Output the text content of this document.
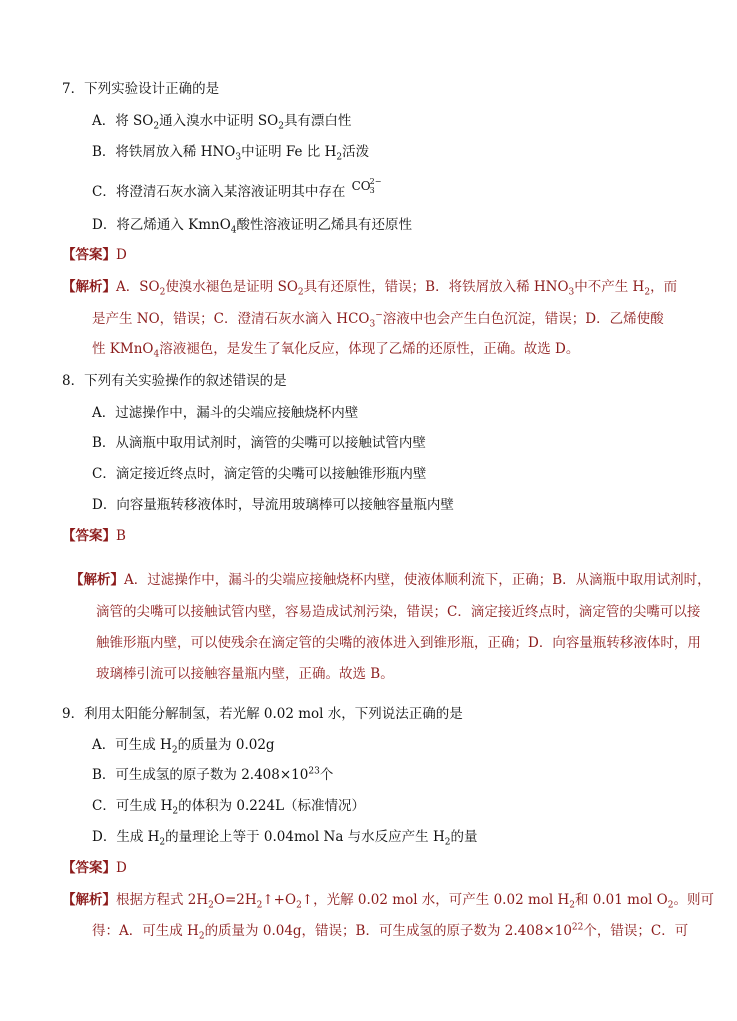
7．下列实验设计正确的是
A．将 $SO_2$通入溴水中证明 $SO_2$具有漂白性
B．将铁屑放入稀 $HNO_3$中证明 Fe 比 $H_2$活泼
C．将澄清石灰水滴入某溶液证明其中存在 CO
2−
3
D．将乙烯通入 KmnO$_4$酸性溶液证明乙烯具有还原性
【答案】D
【解析】A．$SO_2$使溴水褪色是证明 $SO_2$具有还原性，错误；B．将铁屑放入稀 $HNO_3$中不产生 $H_2$，而
是产生 NO，错误；C．澄清石灰水滴入 $HCO_3^-$溶液中也会产生白色沉淀，错误；D．乙烯使酸
性 KMnO$_4$溶液褪色，是发生了氧化反应，体现了乙烯的还原性，正确。故选 D。
8．下列有关实验操作的叙述错误的是
A．过滤操作中，漏斗的尖端应接触烧杯内壁
B．从滴瓶中取用试剂时，滴管的尖嘴可以接触试管内壁
C．滴定接近终点时，滴定管的尖嘴可以接触锥形瓶内壁
D．向容量瓶转移液体时，导流用玻璃棒可以接触容量瓶内壁
【答案】B
【解析】A．过滤操作中，漏斗的尖端应接触烧杯内壁，使液体顺利流下，正确；B．从滴瓶中取用试剂时，
滴管的尖嘴可以接触试管内壁，容易造成试剂污染，错误；C．滴定接近终点时，滴定管的尖嘴可以接
触锥形瓶内壁，可以使残余在滴定管的尖嘴的液体进入到锥形瓶，正确；D．向容量瓶转移液体时，用
玻璃棒引流可以接触容量瓶内壁，正确。故选 B。
9．利用太阳能分解制氢，若光解 0.02 mol 水，下列说法正确的是
A．可生成 $H_2$的质量为 0.02g
B．可生成氢的原子数为 $2.408\times 10^{23}$个
C．可生成 $H_2$的体积为 0.224L（标准情况）
D．生成 $H_2$的量理论上等于 0.04mol Na 与水反应产生 $H_2$的量
【答案】D
【解析】根据方程式 $2H_2O=2H_2↑+O_2↑$，光解 0.02 mol 水，可产生 0.02 mol $H_2$和 0.01 mol $O_2$。则可
得：A．可生成 $H_2$的质量为 0.04g，错误；B．可生成氢的原子数为 $2.408\times 10^{22}$个，错误；C．可
